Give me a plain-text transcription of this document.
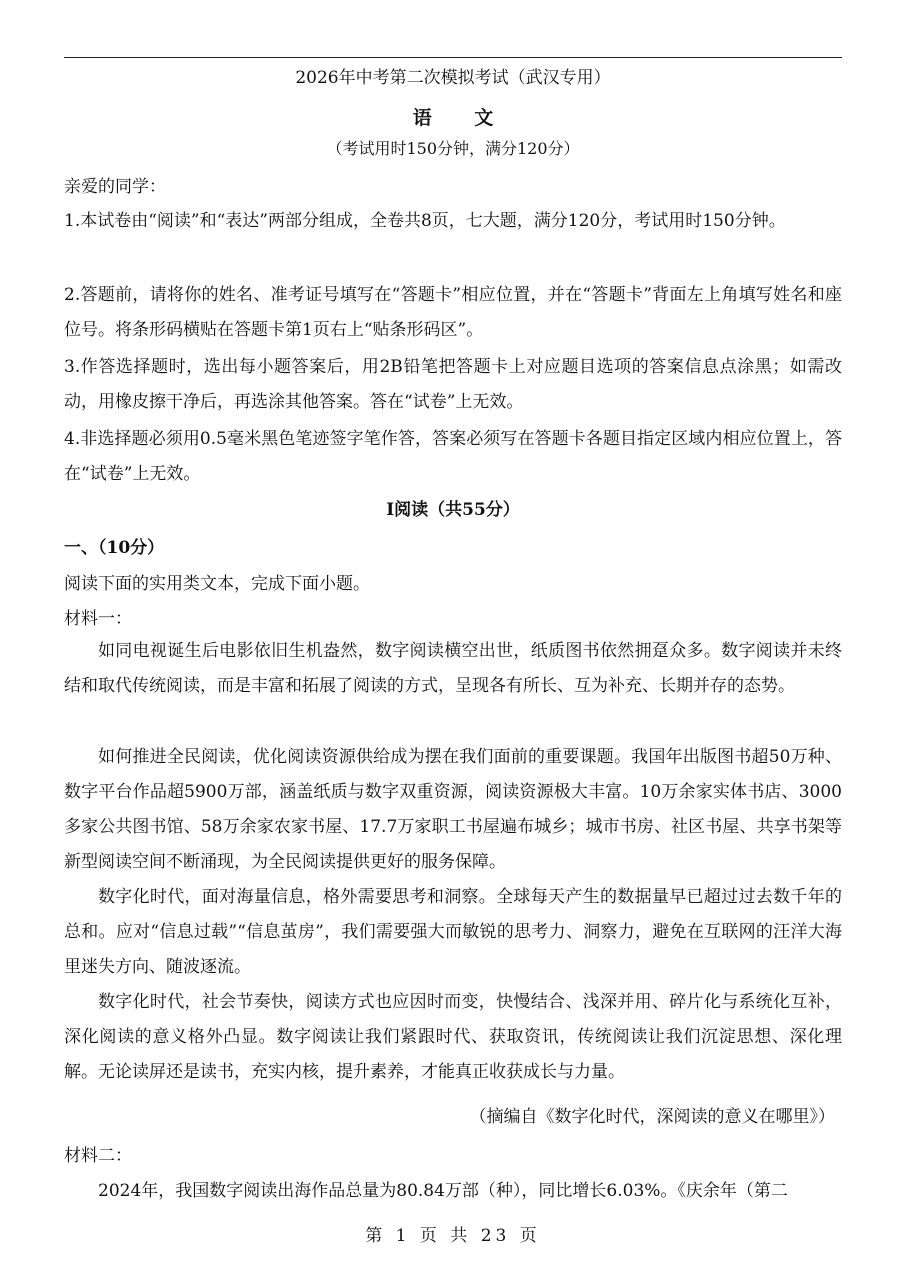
2026年中考第二次模拟考试（武汉专用）
语 文
（考试用时150分钟，满分120分）
亲爱的同学：
1.本试卷由“阅读”和“表达”两部分组成，全卷共8页，七大题，满分120分，考试用时150分钟。
2.答题前，请将你的姓名、准考证号填写在“答题卡”相应位置，并在“答题卡”背面左上角填写姓名和座位号。将条形码横贴在答题卡第1页右上“贴条形码区”。
3.作答选择题时，选出每小题答案后，用2B铅笔把答题卡上对应题目选项的答案信息点涂黑；如需改动，用橡皮擦干净后，再选涂其他答案。答在“试卷”上无效。
4.非选择题必须用0.5毫米黑色笔迹签字笔作答，答案必须写在答题卡各题目指定区域内相应位置上，答在“试卷”上无效。
Ⅰ阅读（共55分）
一、（10分）
阅读下面的实用类文本，完成下面小题。
材料一：

如同电视诞生后电影依旧生机盎然，数字阅读横空出世，纸质图书依然拥趸众多。数字阅读并未终结和取代传统阅读，而是丰富和拓展了阅读的方式，呈现各有所长、互为补充、长期并存的态势。

如何推进全民阅读，优化阅读资源供给成为摆在我们面前的重要课题。我国年出版图书超50万种、数字平台作品超5900万部，涵盖纸质与数字双重资源，阅读资源极大丰富。10万余家实体书店、3000多家公共图书馆、58万余家农家书屋、17.7万家职工书屋遍布城乡；城市书房、社区书屋、共享书架等新型阅读空间不断涌现，为全民阅读提供更好的服务保障。

数字化时代，面对海量信息，格外需要思考和洞察。全球每天产生的数据量早已超过过去数千年的总和。应对“信息过载”“信息茧房”，我们需要强大而敏锐的思考力、洞察力，避免在互联网的汪洋大海里迷失方向、随波逐流。

数字化时代，社会节奏快，阅读方式也应因时而变，快慢结合、浅深并用、碎片化与系统化互补，深化阅读的意义格外凸显。数字阅读让我们紧跟时代、获取资讯，传统阅读让我们沉淀思想、深化理解。无论读屏还是读书，充实内核，提升素养，才能真正收获成长与力量。

（摘编自《数字化时代，深阅读的意义在哪里》）
材料二：
2024年，我国数字阅读出海作品总量为80.84万部（种），同比增长6.03%。《庆余年（第二
第 1 页 共 23 页
